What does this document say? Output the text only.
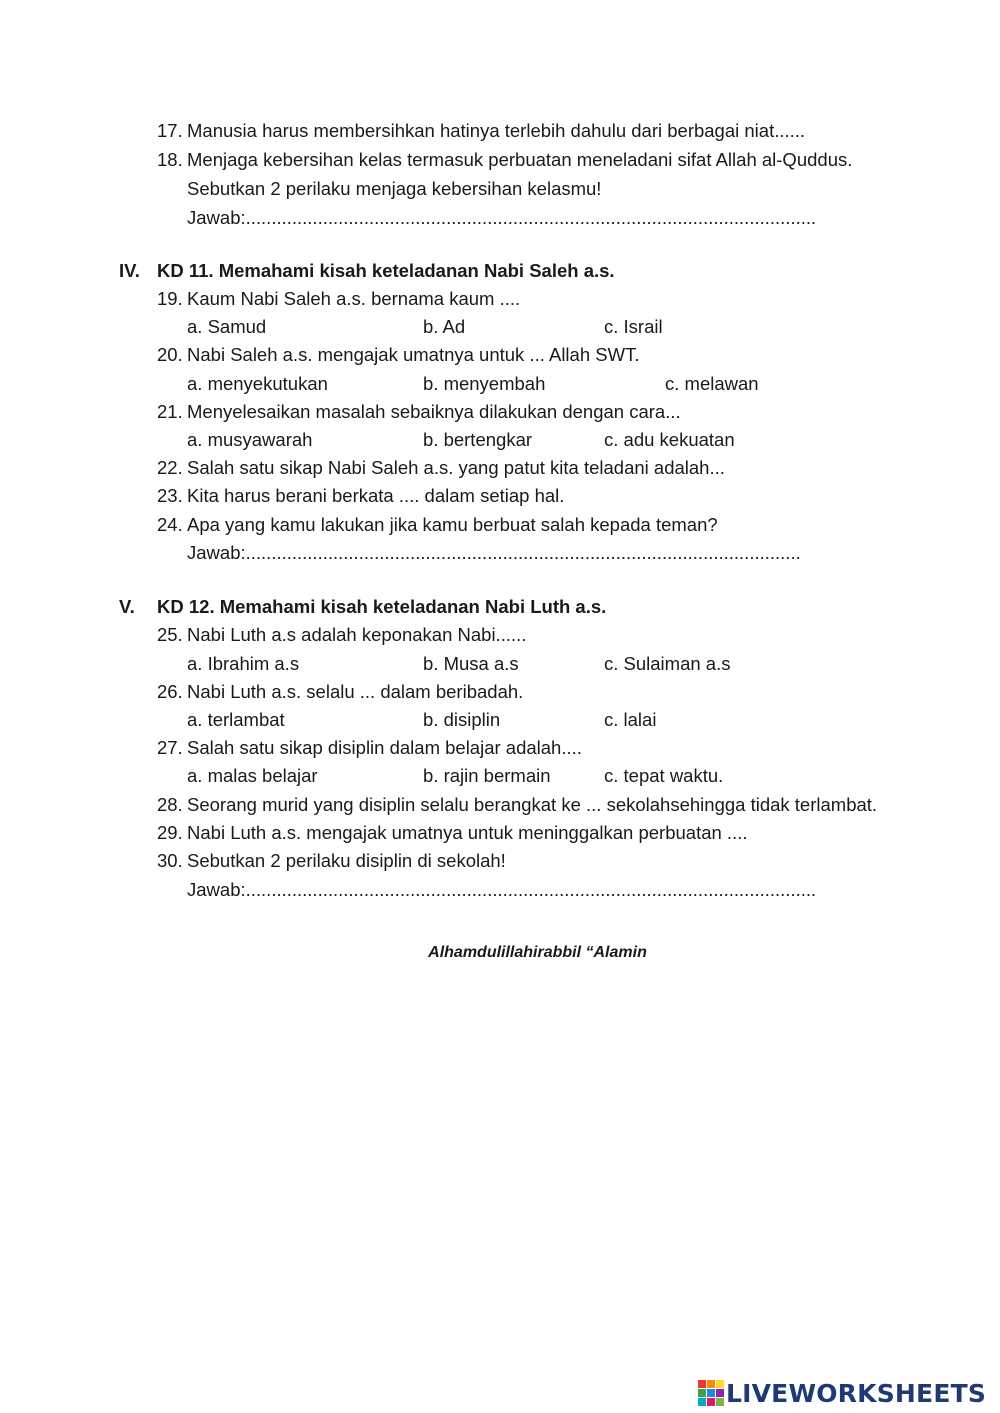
17. Manusia harus membersihkan hatinya terlebih dahulu dari berbagai niat......
18. Menjaga kebersihan kelas termasuk perbuatan meneladani sifat Allah al-Quddus.
Sebutkan 2 perilaku menjaga kebersihan kelasmu!
Jawab:...............................................................................................................
IV. KD 11. Memahami kisah keteladanan Nabi Saleh a.s.
19. Kaum Nabi Saleh a.s. bernama kaum ....
a. Samud	b. Ad	c. Israil
20. Nabi Saleh a.s. mengajak umatnya untuk ... Allah SWT.
a. menyekutukan	b. menyembah	c. melawan
21. Menyelesaikan masalah sebaiknya dilakukan dengan cara...
a. musyawarah	b. bertengkar	c. adu kekuatan
22. Salah satu sikap Nabi Saleh a.s. yang patut kita teladani adalah...
23. Kita harus berani berkata .... dalam setiap hal.
24. Apa yang kamu lakukan jika kamu berbuat salah kepada teman?
Jawab:............................................................................................................
V. KD 12. Memahami kisah keteladanan Nabi Luth a.s.
25. Nabi Luth a.s adalah keponakan Nabi......
a. Ibrahim a.s	b. Musa a.s	c. Sulaiman a.s
26. Nabi Luth a.s. selalu ... dalam beribadah.
a. terlambat	b. disiplin	c. lalai
27. Salah satu sikap disiplin dalam belajar adalah....
a. malas belajar	b. rajin bermain	c. tepat waktu.
28. Seorang murid yang disiplin selalu berangkat ke ... sekolahsehingga tidak terlambat.
29. Nabi Luth a.s. mengajak umatnya untuk meninggalkan perbuatan ....
30. Sebutkan 2 perilaku disiplin di sekolah!
Jawab:...............................................................................................................
Alhamdulillahirabbil “Alamin
LIVEWORKSHEETS
